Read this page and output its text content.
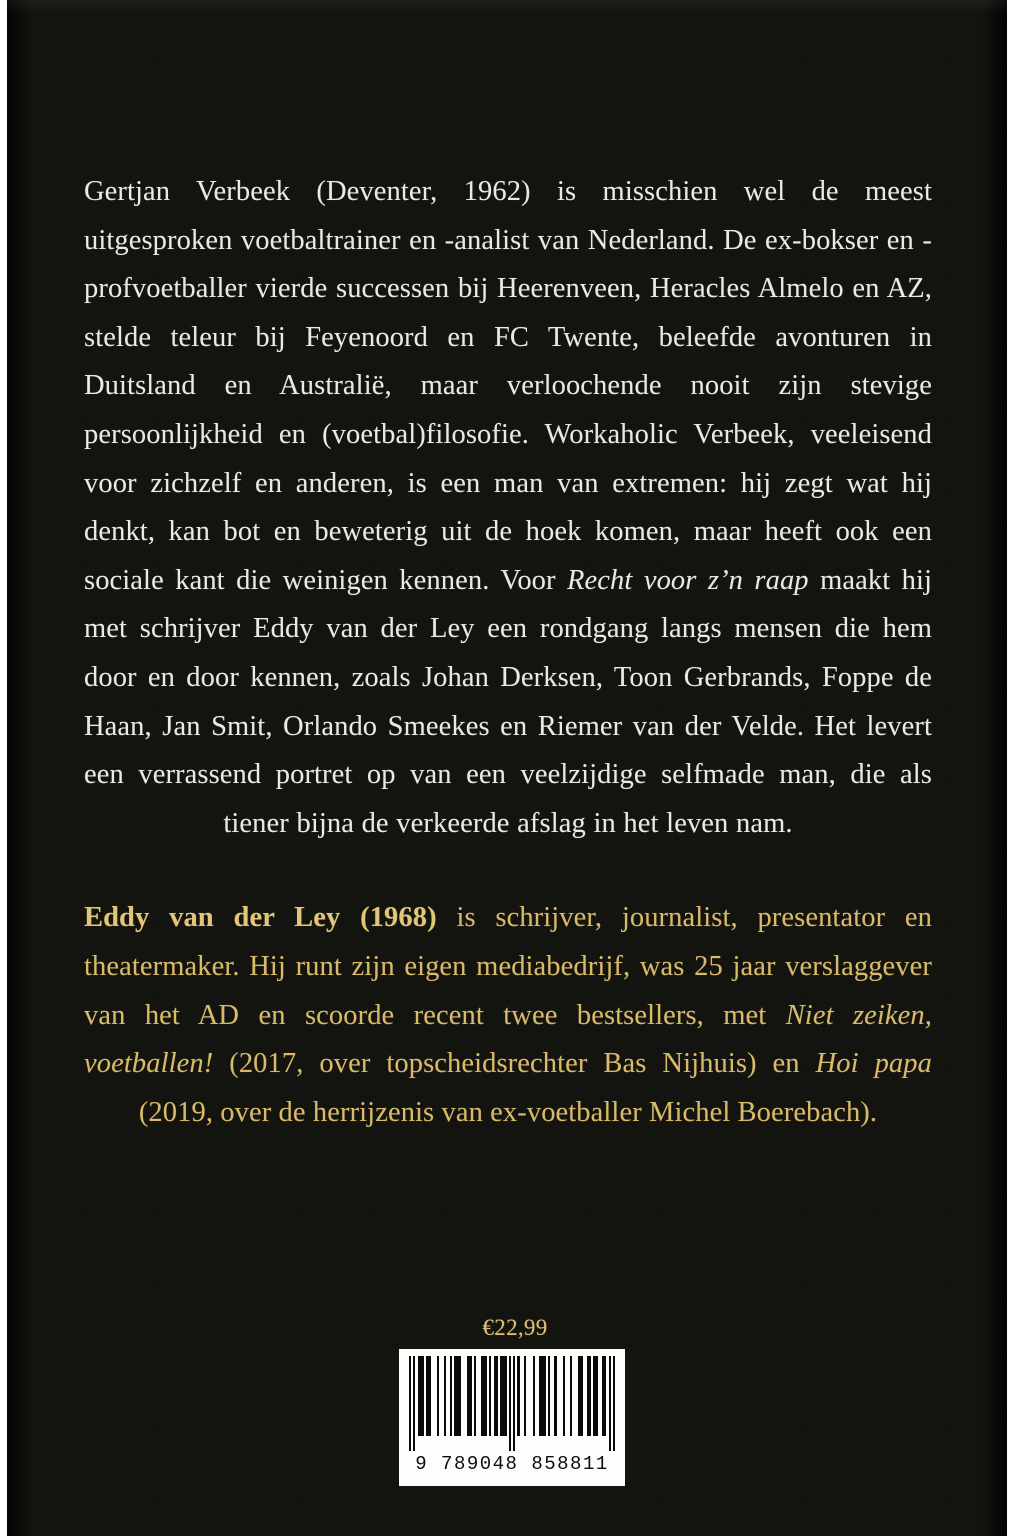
Gertjan Verbeek (Deventer, 1962) is misschien wel de meest uitgesproken voetbaltrainer en -analist van Nederland. De ex-bokser en -profvoetballer vierde successen bij Heerenveen, Heracles Almelo en AZ, stelde teleur bij Feyenoord en FC Twente, beleefde avonturen in Duitsland en Australië, maar verloochende nooit zijn stevige persoonlijkheid en (voetbal)filosofie. Workaholic Verbeek, veeleisend voor zichzelf en anderen, is een man van extremen: hij zegt wat hij denkt, kan bot en beweterig uit de hoek komen, maar heeft ook een sociale kant die weinigen kennen. Voor Recht voor z’n raap maakt hij met schrijver Eddy van der Ley een rondgang langs mensen die hem door en door kennen, zoals Johan Derksen, Toon Gerbrands, Foppe de Haan, Jan Smit, Orlando Smeekes en Riemer van der Velde. Het levert een verrassend portret op van een veelzijdige selfmade man, die als tiener bijna de verkeerde afslag in het leven nam.

Eddy van der Ley (1968) is schrijver, journalist, presentator en theatermaker. Hij runt zijn eigen mediabedrijf, was 25 jaar verslaggever van het AD en scoorde recent twee bestsellers, met Niet zeiken, voetballen! (2017, over topscheidsrechter Bas Nijhuis) en Hoi papa (2019, over de herrijzenis van ex-voetballer Michel Boerebach).

€22,99
9 789048 858811
